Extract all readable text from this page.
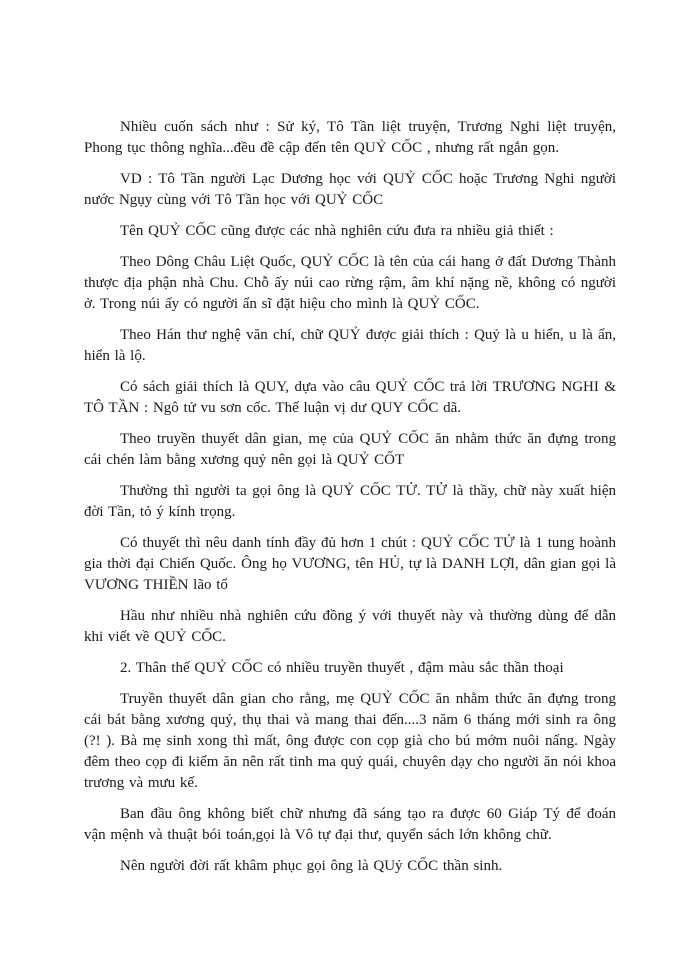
Nhiều cuốn sách như : Sử ký, Tô Tần liệt truyện, Trương Nghi liệt truyện, Phong tục thông nghĩa...đều đề cập đến tên QUỶ CỐC , nhưng rất ngắn gọn.

VD : Tô Tần người Lạc Dương học với QUỶ CỐC hoặc Trương Nghi người nước Ngụy cùng với Tô Tần học với QUỶ CỐC

Tên QUỶ CỐC cũng được các nhà nghiên cứu đưa ra nhiều giả thiết :

Theo Dông Châu Liệt Quốc, QUỶ CỐC là tên của cái hang ở đất Dương Thành thược địa phận nhà Chu. Chỗ ấy núi cao rừng rậm, âm khí nặng nề, không có người ở. Trong núi ấy có người ẩn sĩ đặt hiệu cho mình là QUỶ CỐC.

Theo Hán thư nghệ văn chí, chữ QUỶ được giải thích : Quỷ là u hiển, u là ẩn, hiển là lộ.

Có sách giải thích là QUY, dựa vào câu QUỶ CỐC trả lời TRƯƠNG NGHI & TÔ TẦN : Ngô tử vu sơn cốc. Thế luận vị dư QUY CỐC dã.

Theo truyền thuyết dân gian, mẹ của QUỶ CỐC ăn nhằm thức ăn đựng trong cái chén làm bằng xương quỷ nên gọi là QUỶ CỐT

Thường thì người ta gọi ông là QUỶ CỐC TỬ. TỬ là thầy, chữ này xuất hiện đời Tần, tỏ ý kính trọng.

Có thuyết thì nêu danh tính đầy đủ hơn 1 chút : QUỶ CỐC TỬ là 1 tung hoành gia thời đại Chiến Quốc. Ông họ VƯƠNG, tên HỦ, tự là DANH LỢI, dân gian gọi là VƯƠNG THIỀN lão tổ

Hầu như nhiều nhà nghiên cứu đồng ý với thuyết này và thường dùng để dẫn khi viết về QUỶ CỐC.

2. Thân thế QUỶ CỐC có nhiều truyền thuyết , đậm màu sắc thần thoại

Truyền thuyết dân gian cho rằng, mẹ QUỶ CỐC ăn nhằm thức ăn đựng trong cái bát bằng xương quỷ, thụ thai và mang thai đến....3 năm 6 tháng mới sinh ra ông (?! ). Bà mẹ sinh xong thì mất, ông được con cọp già cho bú mớm nuôi nấng. Ngày đêm theo cọp đi kiếm ăn nên rất tinh ma quỷ quái, chuyên dạy cho người ăn nói khoa trương và mưu kế.

Ban đầu ông không biết chữ nhưng đã sáng tạo ra được 60 Giáp Tý để đoán vận mệnh và thuật bói toán,gọi là Vô tự đại thư, quyển sách lớn không chữ.

Nên người đời rất khâm phục gọi ông là QUỷ CỐC thần sinh.
